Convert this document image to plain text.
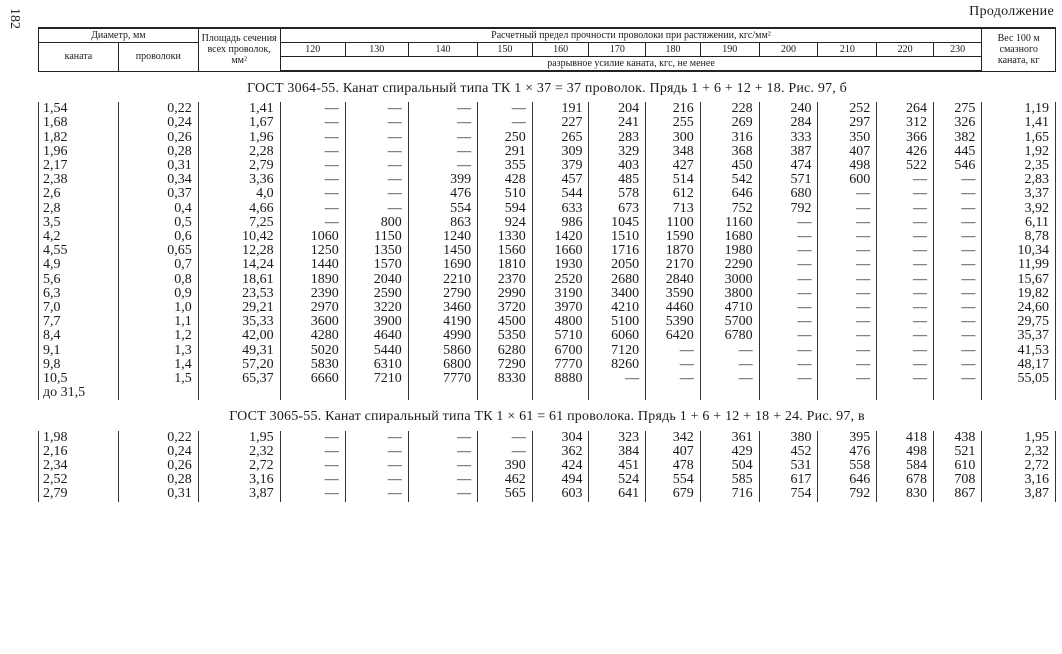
182	Продолжение
Диаметр, мм		Площадь сечения всех проволок, мм²	Расчетный предел прочности проволоки при растяжении, кгс/мм²												Вес 100 м смазного каната, кг
каната	проволоки		120	130	140	150	160	170	180	190	200	210	220	230	
			разрывное усилие каната, кгс, не менее												
ГОСТ 3064-55. Канат спиральный типа ТК 1 × 37 = 37 проволок. Прядь 1 + 6 + 12 + 18. Рис. 97, б															
1,54	0,22	1,41	—	—	—	—	191	204	216	228	240	252	264	275	1,19
1,68	0,24	1,67	—	—	—	—	227	241	255	269	284	297	312	326	1,41
1,82	0,26	1,96	—	—	—	250	265	283	300	316	333	350	366	382	1,65
1,96	0,28	2,28	—	—	—	291	309	329	348	368	387	407	426	445	1,92
2,17	0,31	2,79	—	—	—	355	379	403	427	450	474	498	522	546	2,35
2,38	0,34	3,36	—	—	399	428	457	485	514	542	571	600	—	—	2,83
2,6	0,37	4,0	—	—	476	510	544	578	612	646	680	—	—	—	3,37
2,8	0,4	4,66	—	—	554	594	633	673	713	752	792	—	—	—	3,92
3,5	0,5	7,25	—	800	863	924	986	1045	1100	1160	—	—	—	—	6,11
4,2	0,6	10,42	1060	1150	1240	1330	1420	1510	1590	1680	—	—	—	—	8,78
4,55	0,65	12,28	1250	1350	1450	1560	1660	1716	1870	1980	—	—	—	—	10,34
4,9	0,7	14,24	1440	1570	1690	1810	1930	2050	2170	2290	—	—	—	—	11,99
5,6	0,8	18,61	1890	2040	2210	2370	2520	2680	2840	3000	—	—	—	—	15,67
6,3	0,9	23,53	2390	2590	2790	2990	3190	3400	3590	3800	—	—	—	—	19,82
7,0	1,0	29,21	2970	3220	3460	3720	3970	4210	4460	4710	—	—	—	—	24,60
7,7	1,1	35,33	3600	3900	4190	4500	4800	5100	5390	5700	—	—	—	—	29,75
8,4	1,2	42,00	4280	4640	4990	5350	5710	6060	6420	6780	—	—	—	—	35,37
9,1	1,3	49,31	5020	5440	5860	6280	6700	7120	—	—	—	—	—	—	41,53
9,8	1,4	57,20	5830	6310	6800	7290	7770	8260	—	—	—	—	—	—	48,17
10,5	1,5	65,37	6660	7210	7770	8330	8880	—	—	—	—	—	—	—	55,05
до 31,5															
ГОСТ 3065-55. Канат спиральный типа ТК 1 × 61 = 61 проволока. Прядь 1 + 6 + 12 + 18 + 24. Рис. 97, в															
1,98	0,22	1,95	—	—	—	—	304	323	342	361	380	395	418	438	1,95
2,16	0,24	2,32	—	—	—	—	362	384	407	429	452	476	498	521	2,32
2,34	0,26	2,72	—	—	—	390	424	451	478	504	531	558	584	610	2,72
2,52	0,28	3,16	—	—	—	462	494	524	554	585	617	646	678	708	3,16
2,79	0,31	3,87	—	—	—	565	603	641	679	716	754	792	830	867	3,87
